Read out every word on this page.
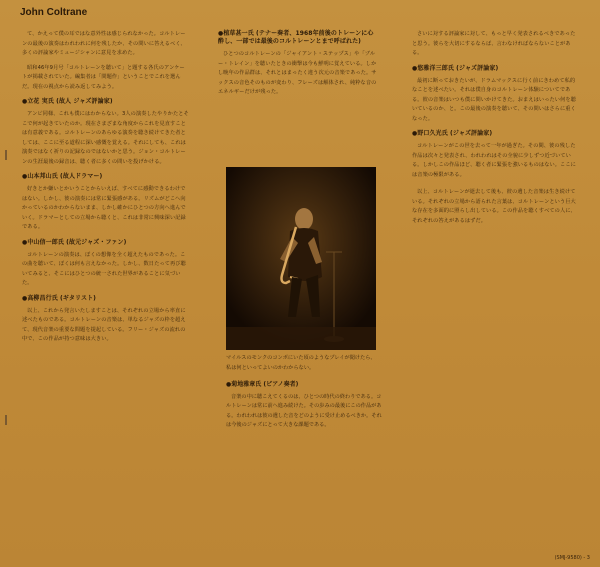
John Coltrane

て、かえって僕の耳ではな意外性は感じられなかった。コルトレーンの最後の演奏はわれわれに何を残したか、その問いに答えるべく、多くの評論家やミュージシャンに意見を求めた。

昭和46年9月号「コルトレーンを聴いて」と題する各氏のアンケートが掲載されていた。編集者は「問題作」ということでこれを選んだ。現在の視点から読み返してみよう。

●立花 実氏 (故人 ジャズ評論家)

アンビ同様、これも僕にはわからない。3人の演奏したやりかたとそこで何が起きていたのか。現在さまざまな角度からこれを見直すことは有意義である。コルトレーンのあらゆる演奏を聴き続けてきた者としては、ここに至る道程に深い感慨を覚える。それにしても、これは演奏ではなく祈りの記録なのではないかと思う。ジョン・コルトレーンの生涯最後の録音は、聴く者に多くの問いを投げかける。

●山本邦山氏 (故人ドラマー)

好きとか嫌いとかいうことからいえば、すべてに感動できるわけではない。しかし、彼の演奏には常に緊張感がある。リズムがどこへ向かっているのかわからないまま、しかし確かにひとつの方向へ進んでいく。ドラマーとしての立場から聴くと、これは非常に興味深い記録である。

●中山信一郎氏 (故元ジャズ・ファン)

コルトレーンの演奏は、ぼくの想像を全く超えたものであった。この曲を聴いて、ぼくは何も言えなかった。しかし、数日たって再び聴いてみると、そこにはひとつの統一された世界があることに気づいた。

●高柳昌行氏 (ギタリスト)

以上、これから発言いたしますことは、それぞれの立場から率直に述べたものである。コルトレーンの音楽は、単なるジャズの枠を超えて、現代音楽の重要な問題を提起している。フリー・ジャズの流れの中で、この作品が持つ意味は大きい。

●植草甚一氏 (テナー奏者、1968年前後のトレーンに心酔し、一部では最後のコルトレーンとまで呼ばれた)

ひとつのコルトレーンの「ジャイアント・ステップス」や「ブルー・トレイン」を聴いたときの衝撃は今も鮮明に覚えている。しかし晩年の作品群は、それとはまったく違う次元の音楽であった。サックスの音色そのものが変わり、フレーズは解体され、純粋な音のエネルギーだけが残った。

マイルスのモンクのコンボにいた頃のようなプレイが聞けたら、私は何といってよいのかわからない。
●菊地雅章氏 (ピアノ奏者)

音楽の中に聴こえてくるのは、ひとつの時代の終わりである。コルトレーンは常に前へ進み続けた。その歩みの最後にこの作品がある。われわれは彼の遺した音をどのように受け止めるべきか。それは今後のジャズにとって大きな課題である。

さいに対する評論家に対して、もっと早く発表されるべきであったと思う。彼らを大切にするならば、言わなければならないことがある。

●悠雅洋三郎氏 (ジャズ評論家)

最初に断っておきたいが、ドラムマックスに行く前にきわめて私的なことを述べたい。それは僕自身のコルトレーン体験についてである。彼の音楽はいつも僕に問いかけてきた。おまえはいったい何を聴いているのか、と。この最後の演奏を聴いて、その問いはさらに重くなった。

●野口久光氏 (ジャズ評論家)

コルトレーンがこの世を去って一年が過ぎた。その間、彼の残した作品は次々と発表され、われわれはその全貌に少しずつ近づいている。しかしこの作品ほど、聴く者に緊張を強いるものはない。ここには音楽の極限がある。

以上、コルトレーンが逝去して後も、彼の遺した音楽は生き続けている。それぞれの立場から語られた言葉は、コルトレーンという巨大な存在を多面的に照らし出している。この作品を聴くすべての人に、それぞれの答えがあるはずだ。

(SMJ-9580) - 3
